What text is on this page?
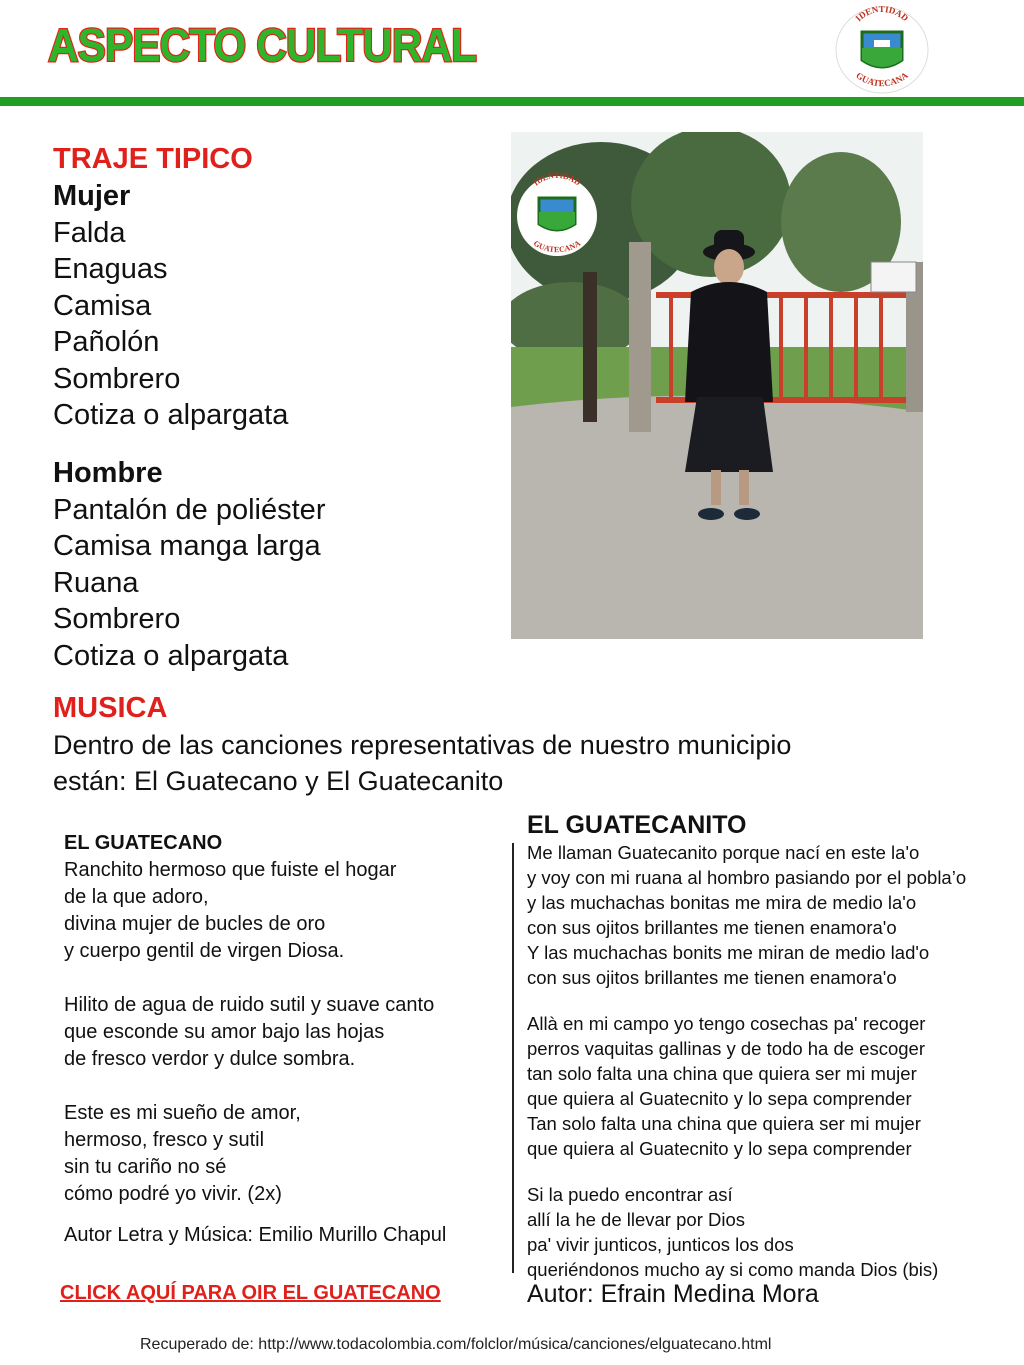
ASPECTO CULTURAL
IDENTIDAD
GUATECANA
TRAJE TIPICO
Mujer
Falda
Enaguas
Camisa
Pañolón
Sombrero
Cotiza o alpargata
Hombre
Pantalón de poliéster
Camisa manga larga
Ruana
Sombrero
Cotiza o alpargata
IDENTIDAD
GUATECANA
MUSICA

Dentro de las canciones representativas de nuestro municipio
están: El Guatecano y El Guatecanito

EL GUATECANO

Ranchito hermoso que fuiste el hogar
de la que adoro,
divina mujer de bucles de oro
y cuerpo gentil de virgen Diosa.

Hilito de agua de ruido sutil y suave canto
que esconde su amor bajo las hojas
de fresco verdor y dulce sombra.

Este es mi sueño de amor,
hermoso, fresco y sutil
sin tu cariño no sé
cómo podré yo vivir. (2x)

Autor Letra y Música: Emilio Murillo Chapul
EL GUATECANITO

Me llaman Guatecanito porque nací en este la'o
y voy con mi ruana al hombro pasiando por el pobla’o
y las muchachas bonitas me mira de medio la'o
con sus ojitos brillantes me tienen enamora'o
Y las muchachas bonits me miran de medio lad'o
con sus ojitos brillantes me tienen enamora'o

Allà en mi campo yo tengo cosechas pa' recoger
perros vaquitas gallinas y de todo ha de escoger
tan solo falta una china que quiera ser mi mujer
que quiera al Guatecnito y lo sepa comprender
Tan solo falta una china que quiera ser mi mujer
que quiera al Guatecnito y lo sepa comprender

Si la puedo encontrar así
allí la he de llevar por Dios
pa' vivir junticos, junticos los dos
queriéndonos mucho ay si como manda Dios (bis)

Autor: Efrain Medina Mora
CLICK AQUÍ PARA OIR EL GUATECANO
Recuperado de: http://www.todacolombia.com/folclor/música/canciones/elguatecano.html
